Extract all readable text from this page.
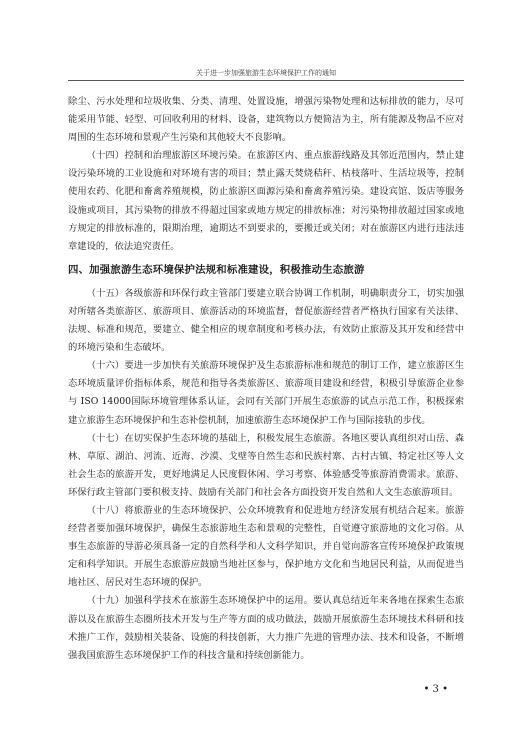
关于进一步加强旅游生态环境保护工作的通知

除尘、污水处理和垃圾收集、分类、清理、处置设施，增强污染物处理和达标排放的能力，尽可能采用节能、轻型、可回收利用的材料、设备，建筑物以方便简洁为主，所有能源及物品不应对周围的生态环境和景观产生污染和其他较大不良影响。

（十四）控制和治理旅游区环境污染。在旅游区内、重点旅游线路及其邻近范围内，禁止建设污染环境的工业设施和对环境有害的项目；禁止露天焚烧秸秆、枯枝落叶、生活垃圾等，控制使用农药、化肥和畜禽养殖规模，防止旅游区面源污染和畜禽养殖污染。建设宾馆、饭店等服务设施或项目，其污染物的排放不得超过国家或地方规定的排放标准；对污染物排放超过国家或地方规定的排放标准的，限期治理，逾期达不到要求的，要搬迁或关闭；对在旅游区内进行违法违章建设的，依法追究责任。

四、加强旅游生态环境保护法规和标准建设，积极推动生态旅游

（十五）各级旅游和环保行政主管部门要建立联合协调工作机制，明确职责分工，切实加强对所辖各类旅游区、旅游项目、旅游活动的环境监督，督促旅游经营者严格执行国家有关法律、法规、标准和规范，要建立、健全相应的规章制度和考核办法，有效防止旅游及其开发和经营中的环境污染和生态破坏。

（十六）要进一步加快有关旅游环境保护及生态旅游标准和规范的制订工作，建立旅游区生态环境质量评价指标体系，规范和指导各类旅游区、旅游项目建设和经营，积极引导旅游企业参与 ISO 14000国际环境管理体系认证，会同有关部门开展生态旅游的试点示范工作，积极探索建立旅游生态环境保护和生态补偿机制，加速旅游生态环境保护工作与国际接轨的步伐。

（十七）在切实保护生态环境的基础上，积极发展生态旅游。各地区要认真组织对山岳、森林、草原、湖泊、河流、近海、沙漠、戈壁等自然生态和民族村寨、古村古镇、特定社区等人文社会生态的旅游开发，更好地满足人民度假休闲、学习考察、体验感受等旅游消费需求。旅游、环保行政主管部门要积极支持、鼓励有关部门和社会各方面投资开发自然和人文生态旅游项目。

（十八）将旅游业的生态环境保护、公众环境教育和促进地方经济发展有机结合起来。旅游经营者要加强环境保护，确保生态旅游地生态和景观的完整性，自觉遵守旅游地的文化习俗。从事生态旅游的导游必须具备一定的自然科学和人文科学知识，并自觉向游客宣传环境保护政策规定和科学知识。开展生态旅游应鼓励当地社区参与，保护地方文化和当地居民利益，从而促进当地社区、居民对生态环境的保护。

（十九）加强科学技术在旅游生态环境保护中的运用。要认真总结近年来各地在探索生态旅游以及在旅游生态圈所技术开发与生产等方面的成功做法，鼓励开展旅游生态环境技术科研和技术推广工作，鼓励相关装备、设施的科技创新，大力推广先进的管理办法、技术和设备，不断增强我国旅游生态环境保护工作的科技含量和持续创新能力。

• 3 •
